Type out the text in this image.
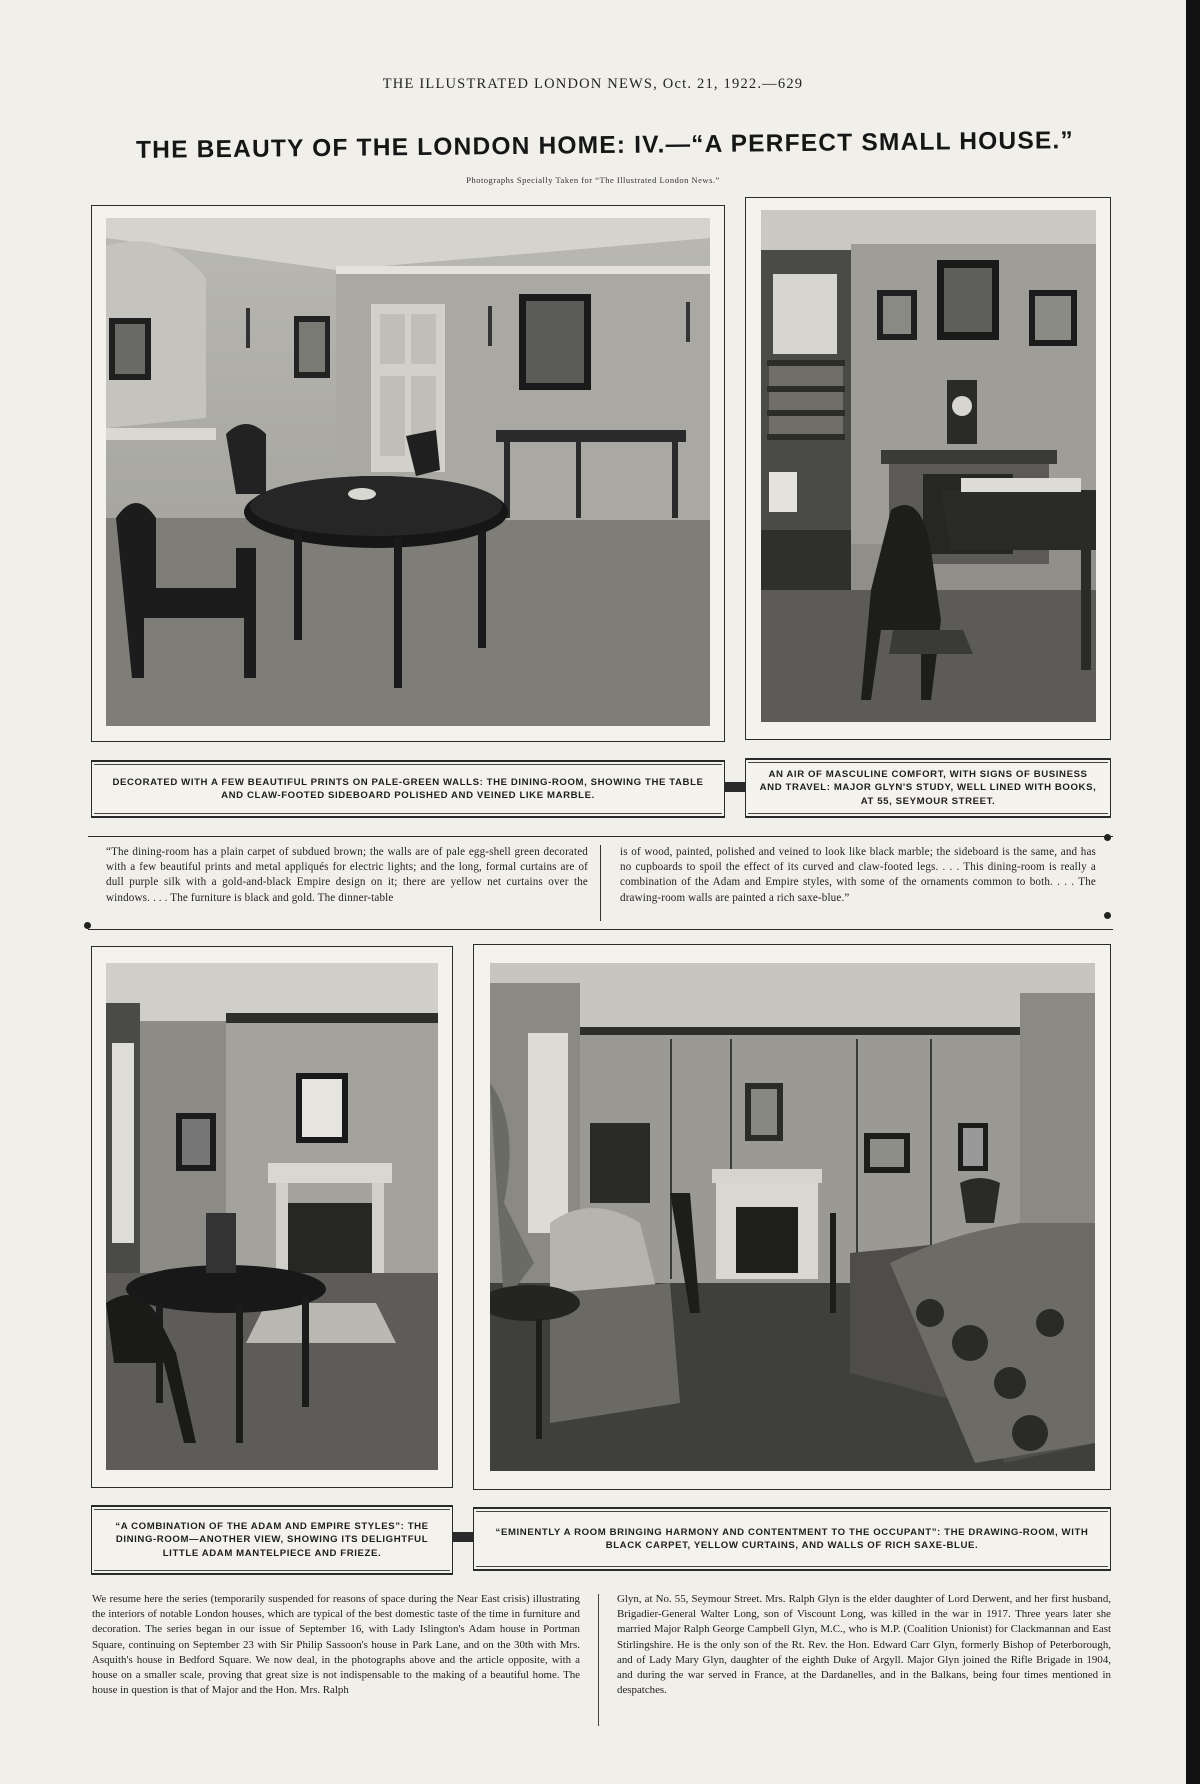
THE ILLUSTRATED LONDON NEWS, Oct. 21, 1922.—629
THE BEAUTY OF THE LONDON HOME: IV.—“A PERFECT SMALL HOUSE.”
Photographs Specially Taken for “The Illustrated London News.”
DECORATED WITH A FEW BEAUTIFUL PRINTS ON PALE-GREEN WALLS: THE DINING-ROOM, SHOWING THE TABLE AND CLAW-FOOTED SIDEBOARD POLISHED AND VEINED LIKE MARBLE.
AN AIR OF MASCULINE COMFORT, WITH SIGNS OF BUSINESS AND TRAVEL: MAJOR GLYN'S STUDY, WELL LINED WITH BOOKS, AT 55, SEYMOUR STREET.
“The dining-room has a plain carpet of subdued brown; the walls are of pale egg-shell green decorated with a few beautiful prints and metal appliqués for electric lights; and the long, formal curtains are of dull purple silk with a gold-and-black Empire design on it; there are yellow net curtains over the windows. . . . The furniture is black and gold. The dinner-table
is of wood, painted, polished and veined to look like black marble; the sideboard is the same, and has no cupboards to spoil the effect of its curved and claw-footed legs. . . . This dining-room is really a combination of the Adam and Empire styles, with some of the ornaments common to both. . . . The drawing-room walls are painted a rich saxe-blue.”
“A COMBINATION OF THE ADAM AND EMPIRE STYLES”: THE DINING-ROOM—ANOTHER VIEW, SHOWING ITS DELIGHTFUL LITTLE ADAM MANTELPIECE AND FRIEZE.
“EMINENTLY A ROOM BRINGING HARMONY AND CONTENTMENT TO THE OCCUPANT”: THE DRAWING-ROOM, WITH BLACK CARPET, YELLOW CURTAINS, AND WALLS OF RICH SAXE-BLUE.
We resume here the series (temporarily suspended for reasons of space during the Near East crisis) illustrating the interiors of notable London houses, which are typical of the best domestic taste of the time in furniture and decoration. The series began in our issue of September 16, with Lady Islington's Adam house in Portman Square, continuing on September 23 with Sir Philip Sassoon's house in Park Lane, and on the 30th with Mrs. Asquith's house in Bedford Square. We now deal, in the photographs above and the article opposite, with a house on a smaller scale, proving that great size is not indispensable to the making of a beautiful home. The house in question is that of Major and the Hon. Mrs. Ralph
Glyn, at No. 55, Seymour Street. Mrs. Ralph Glyn is the elder daughter of Lord Derwent, and her first husband, Brigadier-General Walter Long, son of Viscount Long, was killed in the war in 1917. Three years later she married Major Ralph George Campbell Glyn, M.C., who is M.P. (Coalition Unionist) for Clackmannan and East Stirlingshire. He is the only son of the Rt. Rev. the Hon. Edward Carr Glyn, formerly Bishop of Peterborough, and of Lady Mary Glyn, daughter of the eighth Duke of Argyll. Major Glyn joined the Rifle Brigade in 1904, and during the war served in France, at the Dardanelles, and in the Balkans, being four times mentioned in despatches.
